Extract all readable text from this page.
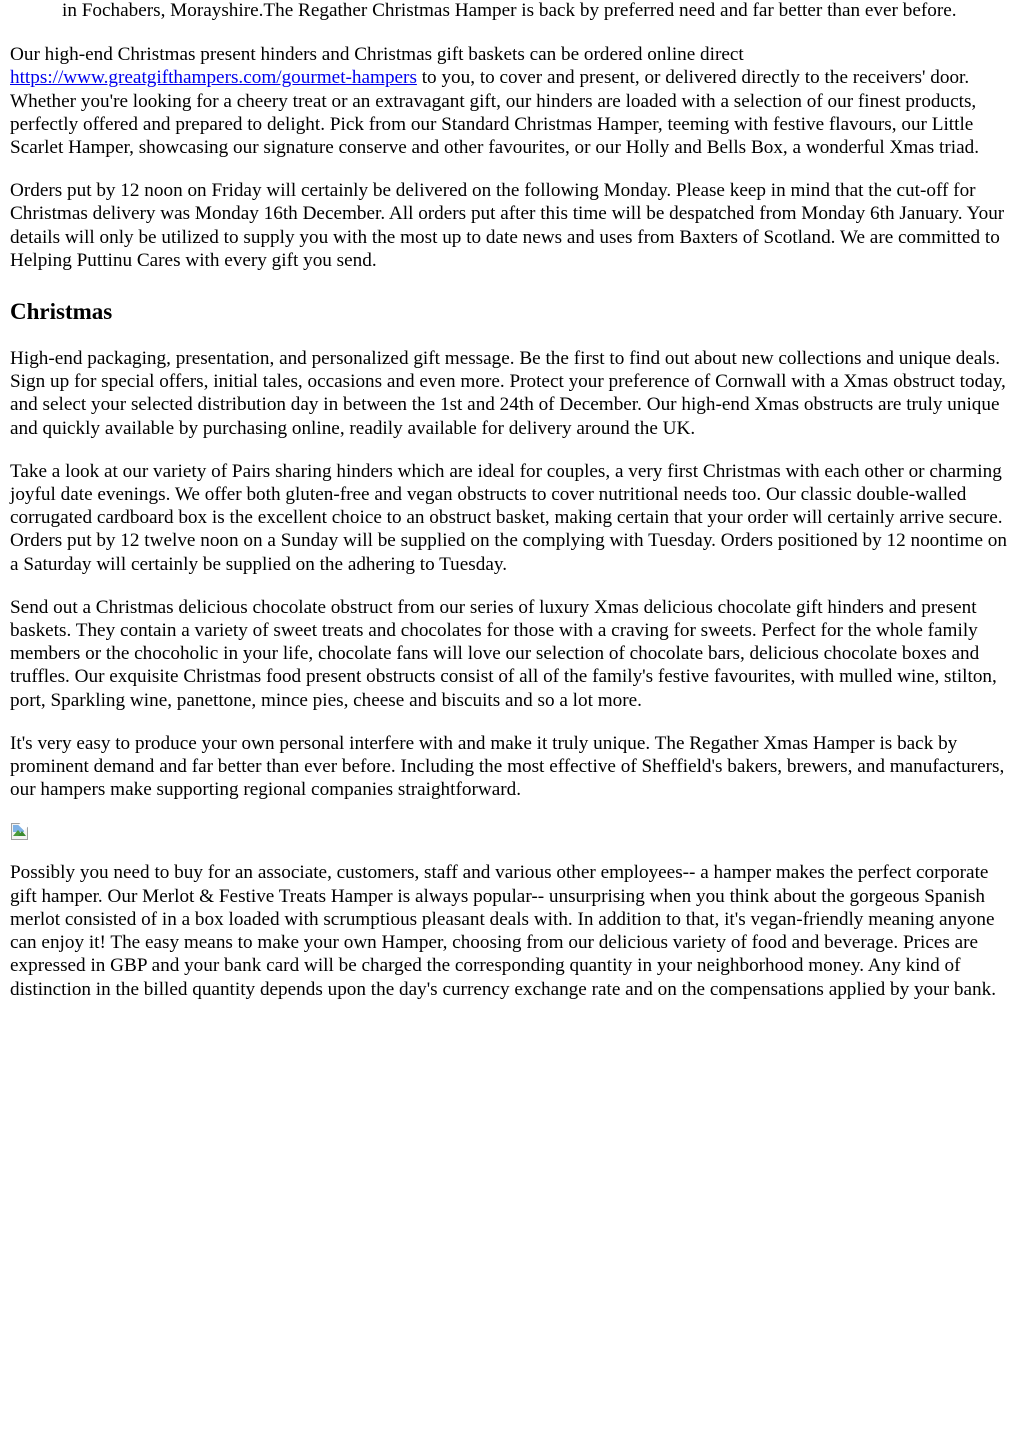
in Fochabers, Morayshire.The Regather Christmas Hamper is back by preferred need and far better than ever before.

Our high-end Christmas present hinders and Christmas gift baskets can be ordered online direct https://www.greatgifthampers.com/gourmet-hampers to you, to cover and present, or delivered directly to the receivers' door. Whether you're looking for a cheery treat or an extravagant gift, our hinders are loaded with a selection of our finest products, perfectly offered and prepared to delight. Pick from our Standard Christmas Hamper, teeming with festive flavours, our Little Scarlet Hamper, showcasing our signature conserve and other favourites, or our Holly and Bells Box, a wonderful Xmas triad.

Orders put by 12 noon on Friday will certainly be delivered on the following Monday. Please keep in mind that the cut-off for Christmas delivery was Monday 16th December. All orders put after this time will be despatched from Monday 6th January. Your details will only be utilized to supply you with the most up to date news and uses from Baxters of Scotland. We are committed to Helping Puttinu Cares with every gift you send.

Christmas

High-end packaging, presentation, and personalized gift message. Be the first to find out about new collections and unique deals. Sign up for special offers, initial tales, occasions and even more. Protect your preference of Cornwall with a Xmas obstruct today, and select your selected distribution day in between the 1st and 24th of December. Our high-end Xmas obstructs are truly unique and quickly available by purchasing online, readily available for delivery around the UK.

Take a look at our variety of Pairs sharing hinders which are ideal for couples, a very first Christmas with each other or charming joyful date evenings. We offer both gluten-free and vegan obstructs to cover nutritional needs too. Our classic double-walled corrugated cardboard box is the excellent choice to an obstruct basket, making certain that your order will certainly arrive secure. Orders put by 12 twelve noon on a Sunday will be supplied on the complying with Tuesday. Orders positioned by 12 noontime on a Saturday will certainly be supplied on the adhering to Tuesday.

Send out a Christmas delicious chocolate obstruct from our series of luxury Xmas delicious chocolate gift hinders and present baskets. They contain a variety of sweet treats and chocolates for those with a craving for sweets. Perfect for the whole family members or the chocoholic in your life, chocolate fans will love our selection of chocolate bars, delicious chocolate boxes and truffles. Our exquisite Christmas food present obstructs consist of all of the family's festive favourites, with mulled wine, stilton, port, Sparkling wine, panettone, mince pies, cheese and biscuits and so a lot more.

It's very easy to produce your own personal interfere with and make it truly unique. The Regather Xmas Hamper is back by prominent demand and far better than ever before. Including the most effective of Sheffield's bakers, brewers, and manufacturers, our hampers make supporting regional companies straightforward.

Possibly you need to buy for an associate, customers, staff and various other employees-- a hamper makes the perfect corporate gift hamper. Our Merlot & Festive Treats Hamper is always popular-- unsurprising when you think about the gorgeous Spanish merlot consisted of in a box loaded with scrumptious pleasant deals with. In addition to that, it's vegan-friendly meaning anyone can enjoy it! The easy means to make your own Hamper, choosing from our delicious variety of food and beverage. Prices are expressed in GBP and your bank card will be charged the corresponding quantity in your neighborhood money. Any kind of distinction in the billed quantity depends upon the day's currency exchange rate and on the compensations applied by your bank.
